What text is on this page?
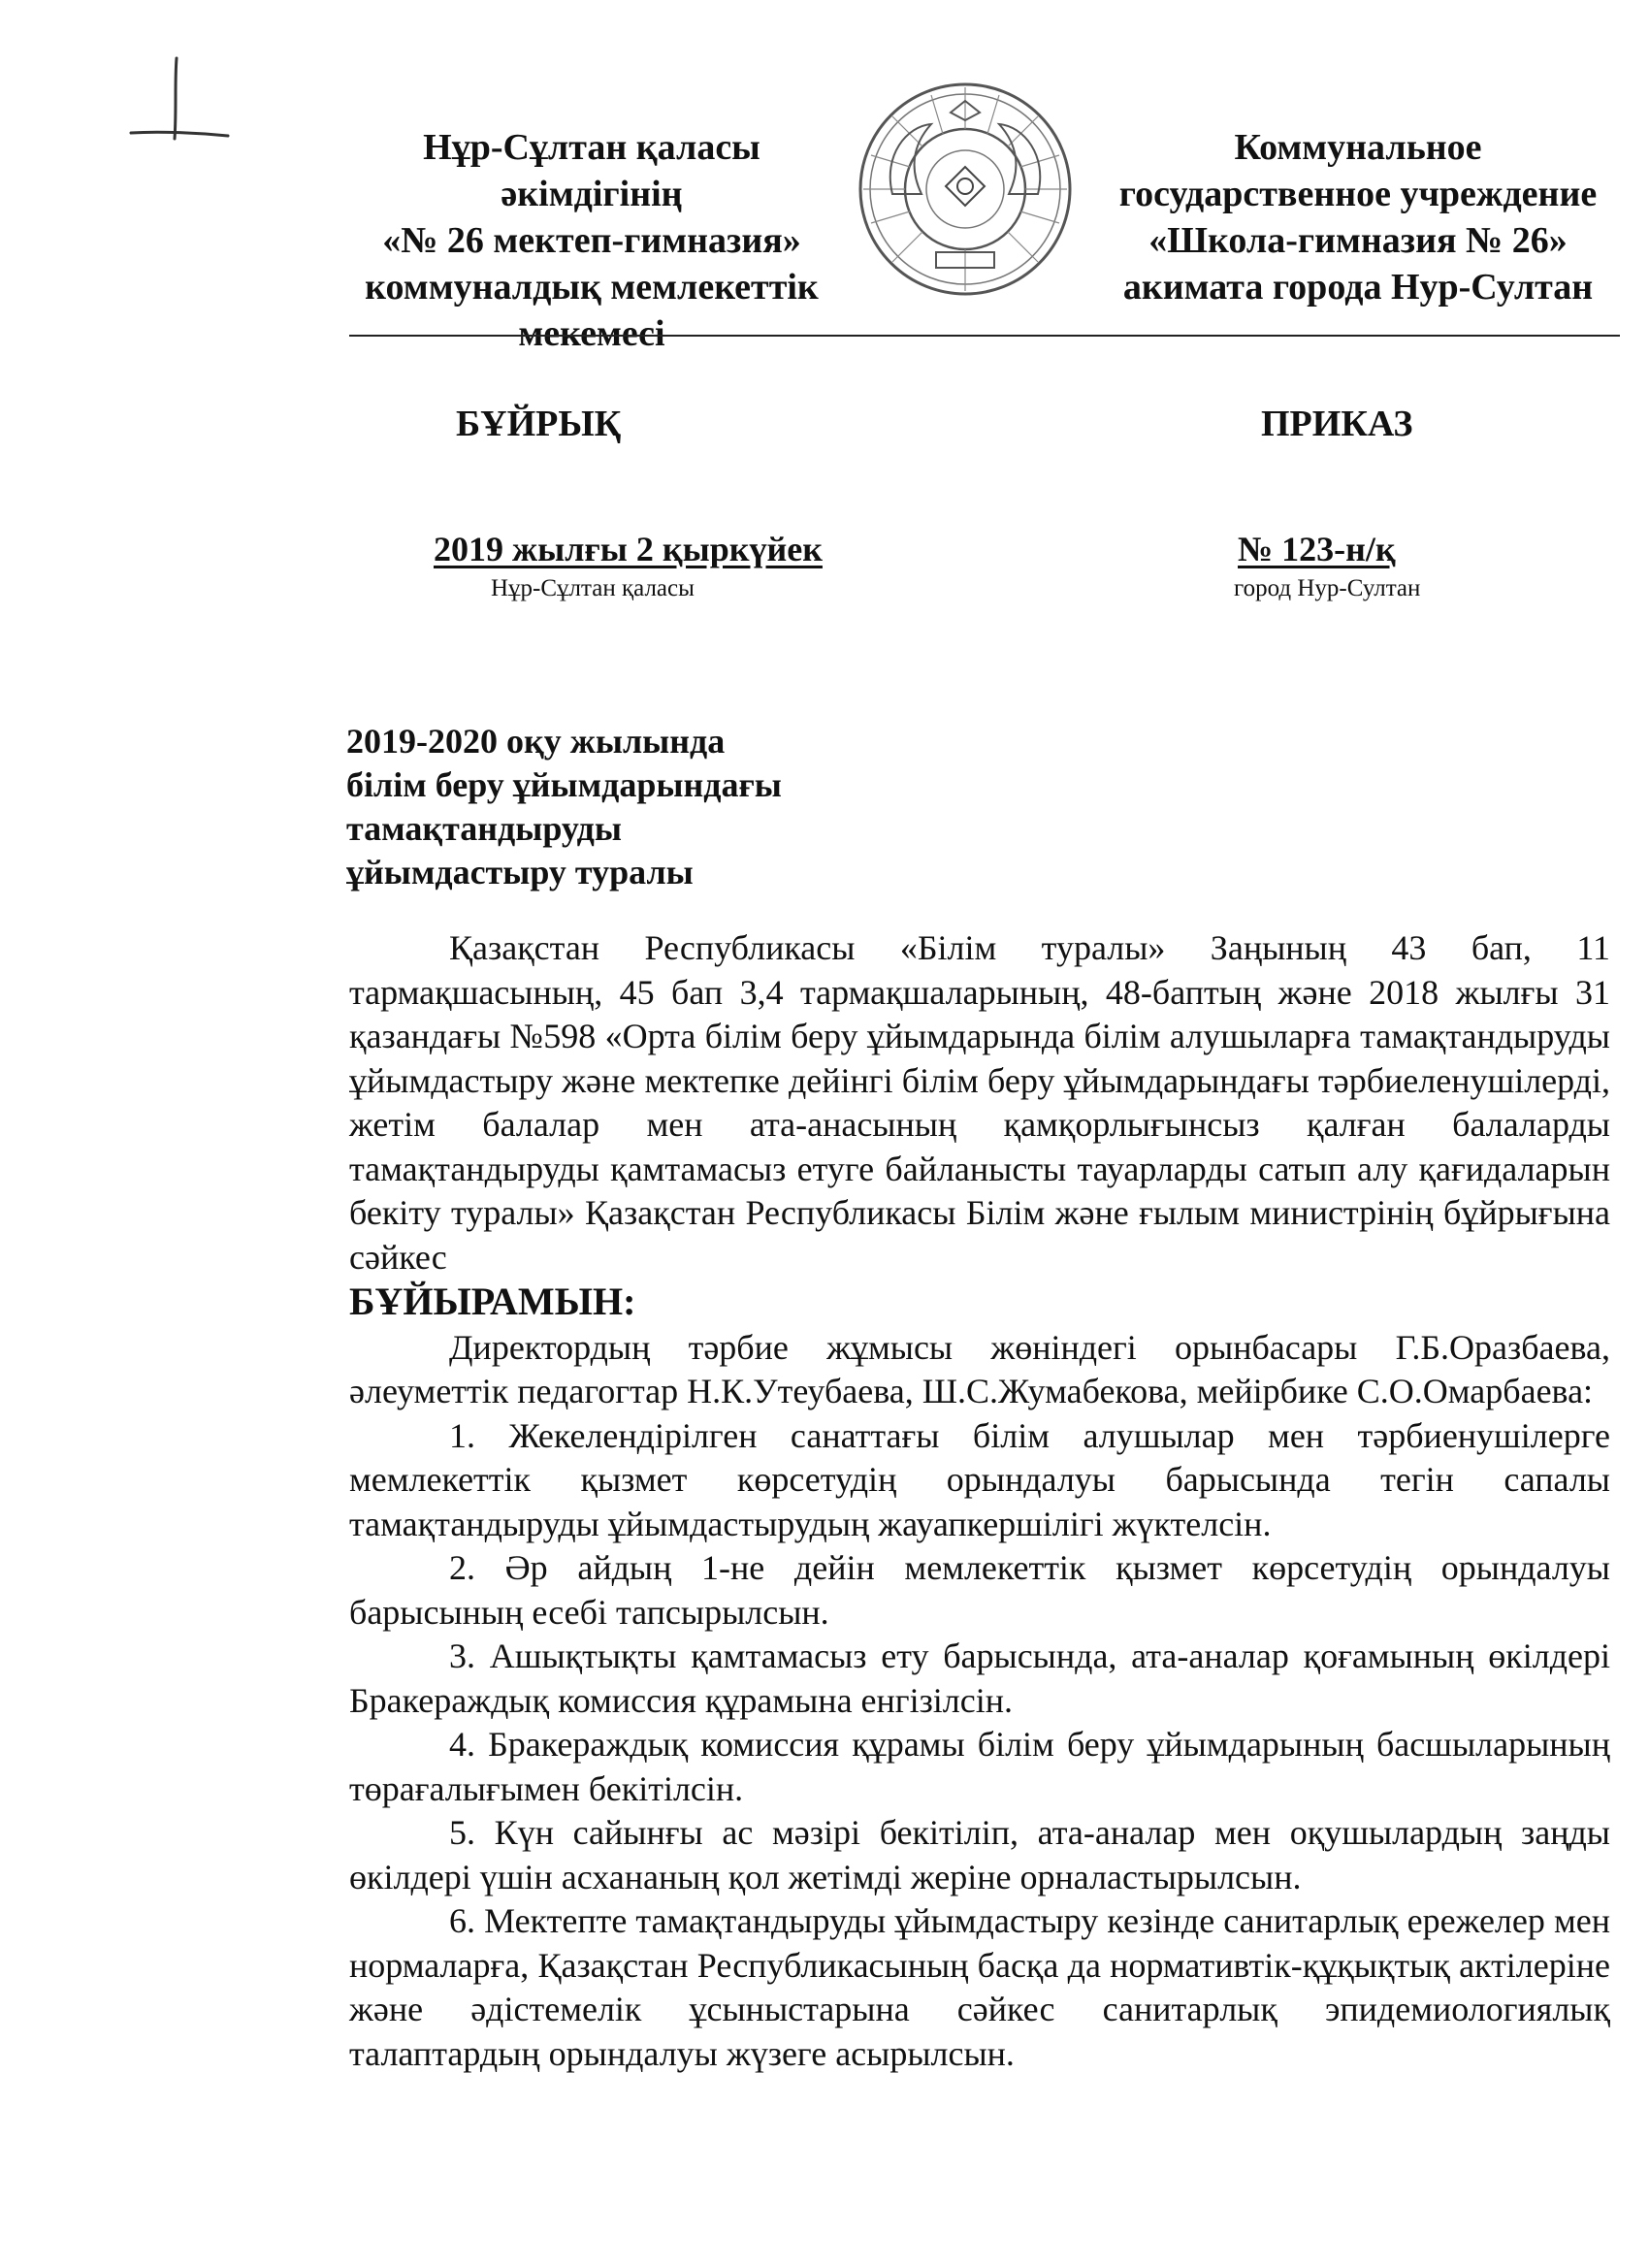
Нұр-Сұлтан қаласы
әкімдігінің
«№ 26 мектеп-гимназия»
коммуналдық мемлекеттік
мекемесі
Коммунальное
государственное учреждение
«Школа-гимназия № 26»
акимата города Нур-Султан
БҰЙРЫҚ	ПРИКАЗ
2019 жылғы 2 қыркүйек
Нұр-Сұлтан қаласы
№ 123-н/қ
город Нур-Султан
2019-2020 оқу жылында
білім беру ұйымдарындағы
тамақтандыруды
ұйымдастыру туралы

Қазақстан Республикасы «Білім туралы» Заңының 43 бап, 11 тармақшасының, 45 бап 3,4 тармақшаларының, 48-баптың және 2018 жылғы 31 қазандағы №598 «Орта білім беру ұйымдарында білім алушыларға тамақтандыруды ұйымдастыру және мектепке дейінгі білім беру ұйымдарындағы тәрбиеленушілерді, жетім балалар мен ата-анасының қамқорлығынсыз қалған балаларды тамақтандыруды қамтамасыз етуге байланысты тауарларды сатып алу қағидаларын бекіту туралы» Қазақстан Республикасы Білім және ғылым министрінің бұйрығына сәйкес

БҰЙЫРАМЫН:

Директордың тәрбие жұмысы жөніндегі орынбасары Г.Б.Оразбаева, әлеуметтік педагогтар Н.К.Утеубаева, Ш.С.Жумабекова, мейірбике С.О.Омарбаева:

1. Жекелендірілген санаттағы білім алушылар мен тәрбиенушілерге мемлекеттік қызмет көрсетудің орындалуы барысында тегін сапалы тамақтандыруды ұйымдастырудың жауапкершілігі жүктелсін.

2. Әр айдың 1-не дейін мемлекеттік қызмет көрсетудің орындалуы барысының есебі тапсырылсын.

3. Ашықтықты қамтамасыз ету барысында, ата-аналар қоғамының өкілдері Бракераждық комиссия құрамына енгізілсін.

4. Бракераждық комиссия құрамы білім беру ұйымдарының басшыларының төрағалығымен бекітілсін.

5. Күн сайынғы ас мәзірі бекітіліп, ата-аналар мен оқушылардың заңды өкілдері үшін асхананың қол жетімді жеріне орналастырылсын.

6. Мектепте тамақтандыруды ұйымдастыру кезінде санитарлық ережелер мен нормаларға, Қазақстан Республикасының басқа да нормативтік-құқықтық актілеріне және әдістемелік ұсыныстарына сәйкес санитарлық эпидемиологиялық талаптардың орындалуы жүзеге асырылсын.
